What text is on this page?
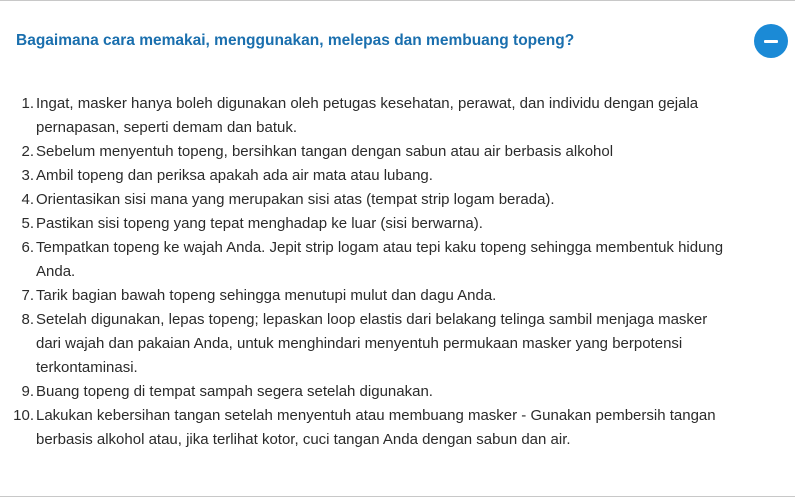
Bagaimana cara memakai, menggunakan, melepas dan membuang topeng?
1. Ingat, masker hanya boleh digunakan oleh petugas kesehatan, perawat, dan individu dengan gejala pernapasan, seperti demam dan batuk.
2. Sebelum menyentuh topeng, bersihkan tangan dengan sabun atau air berbasis alkohol
3. Ambil topeng dan periksa apakah ada air mata atau lubang.
4. Orientasikan sisi mana yang merupakan sisi atas (tempat strip logam berada).
5. Pastikan sisi topeng yang tepat menghadap ke luar (sisi berwarna).
6. Tempatkan topeng ke wajah Anda. Jepit strip logam atau tepi kaku topeng sehingga membentuk hidung Anda.
7. Tarik bagian bawah topeng sehingga menutupi mulut dan dagu Anda.
8. Setelah digunakan, lepas topeng; lepaskan loop elastis dari belakang telinga sambil menjaga masker dari wajah dan pakaian Anda, untuk menghindari menyentuh permukaan masker yang berpotensi terkontaminasi.
9. Buang topeng di tempat sampah segera setelah digunakan.
10. Lakukan kebersihan tangan setelah menyentuh atau membuang masker - Gunakan pembersih tangan berbasis alkohol atau, jika terlihat kotor, cuci tangan Anda dengan sabun dan air.
